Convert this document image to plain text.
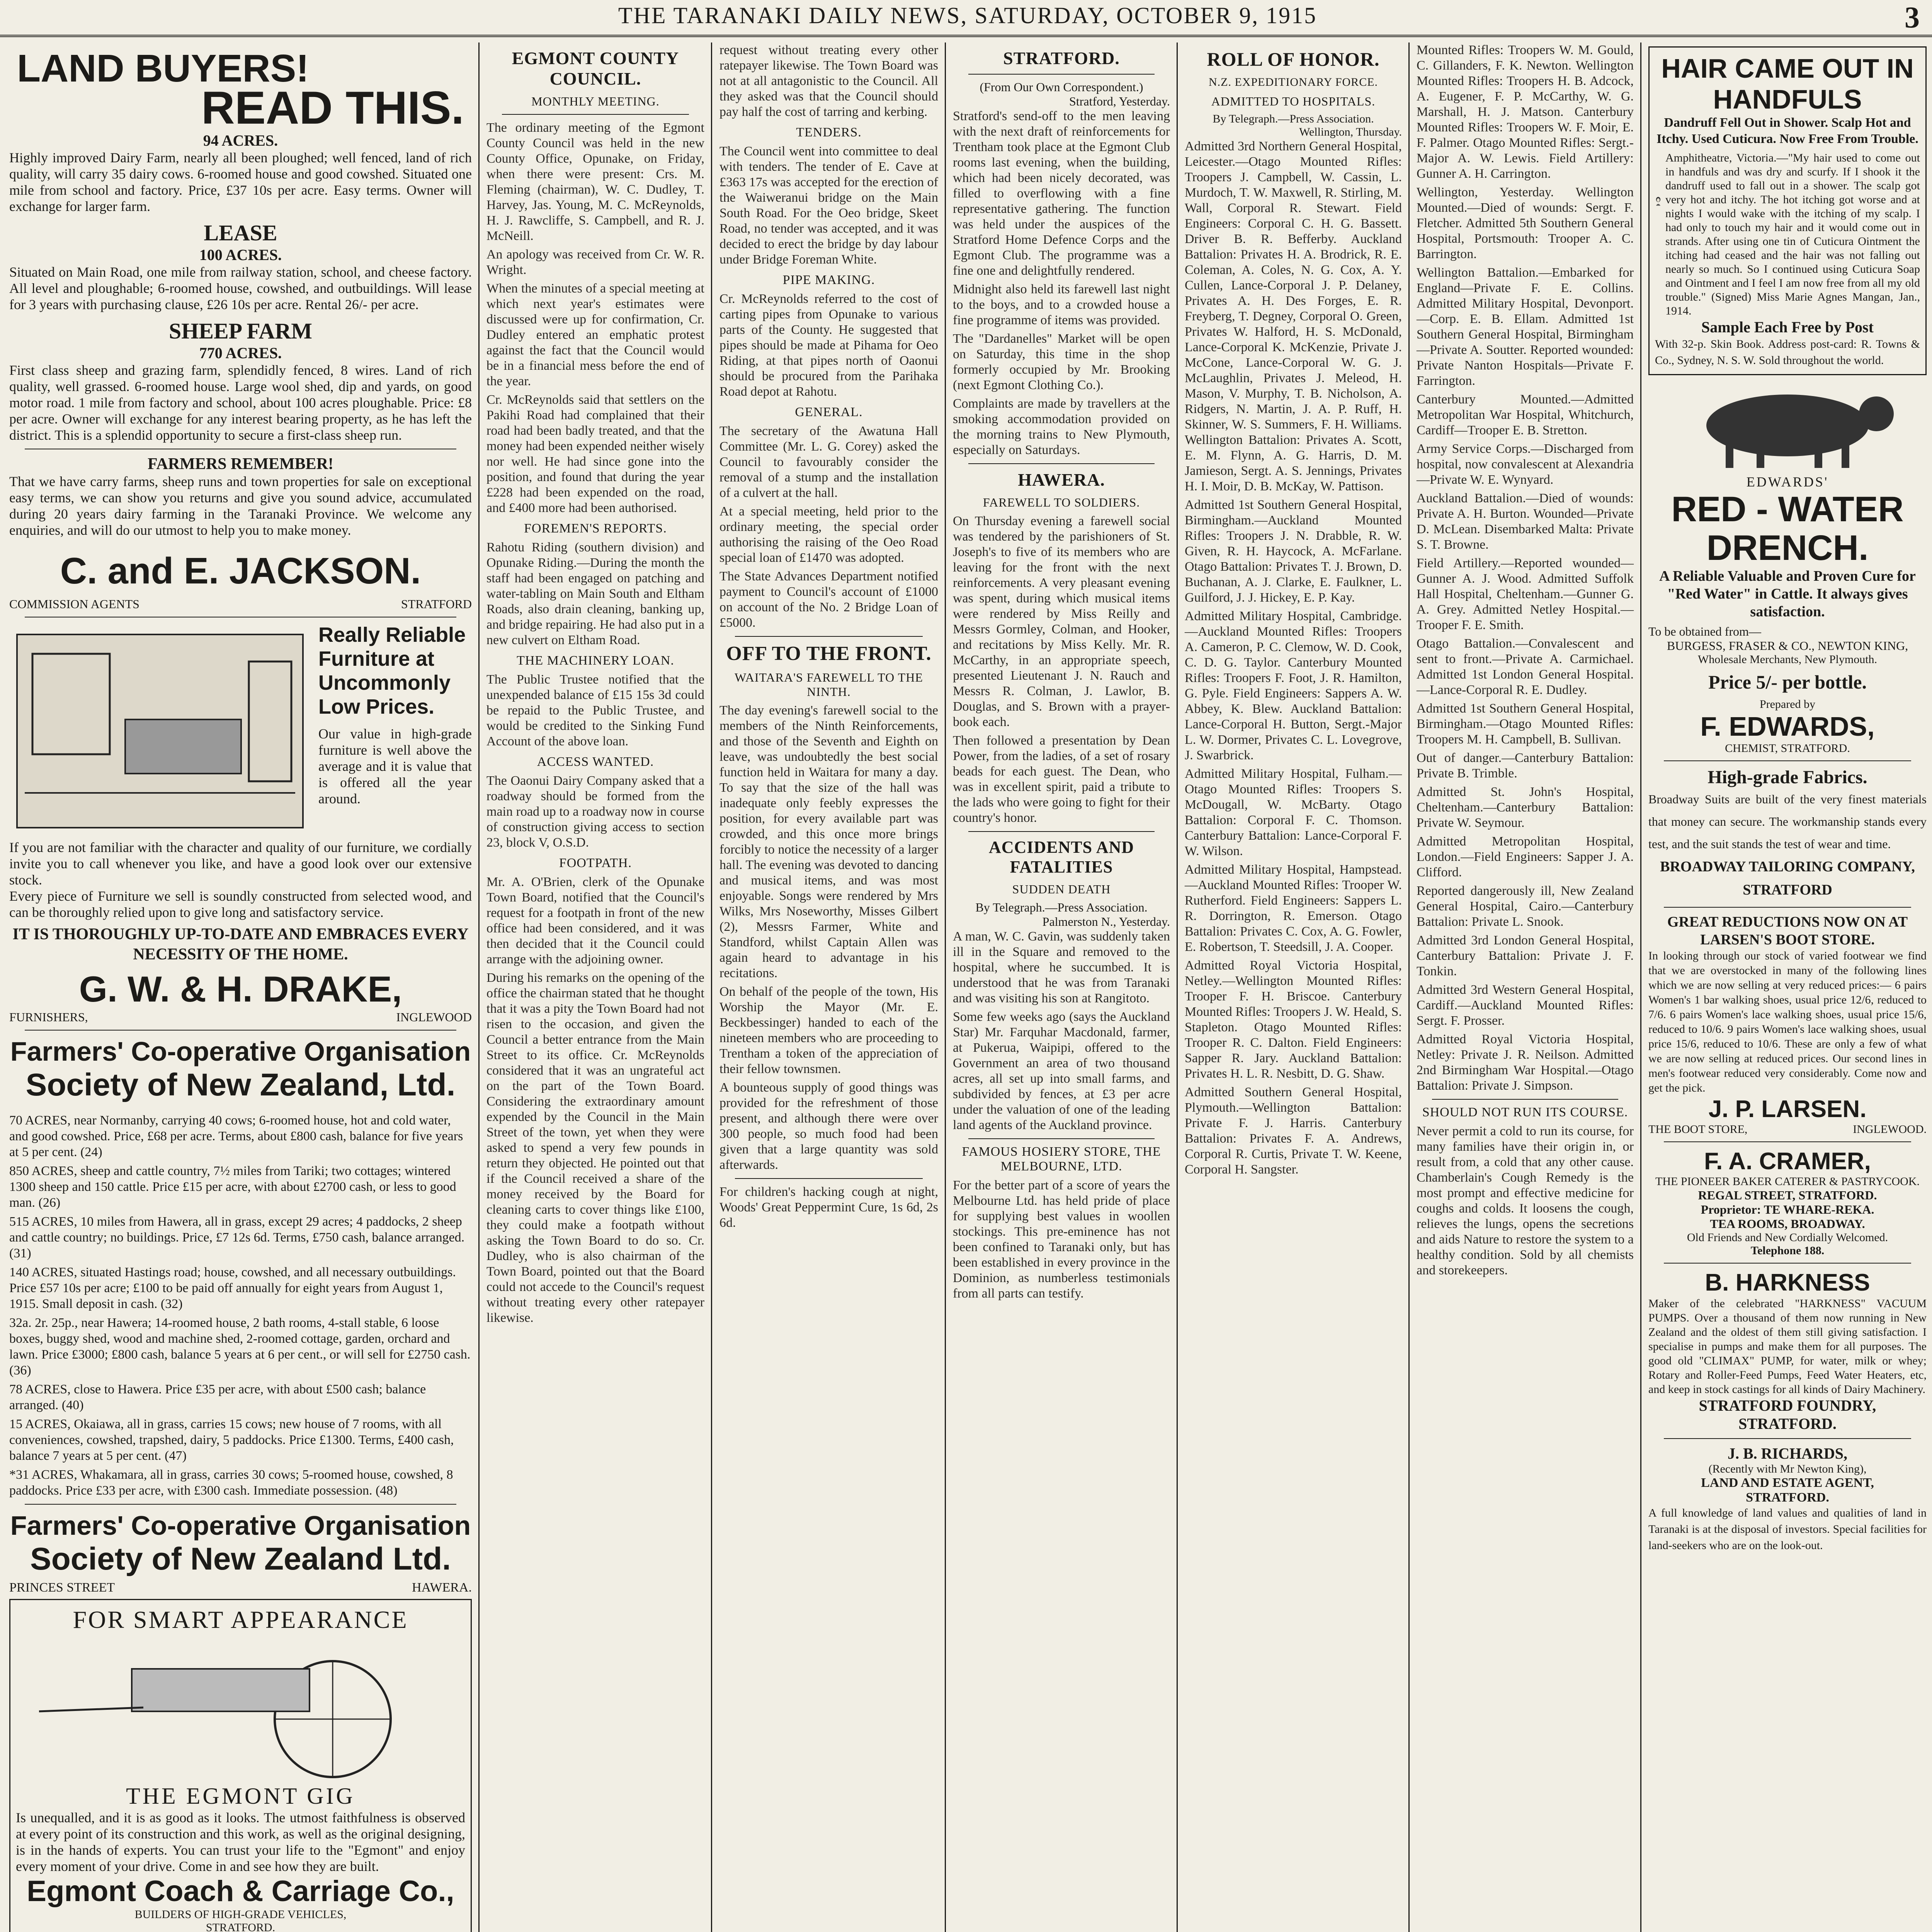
THE TARANAKI DAILY NEWS, SATURDAY, OCTOBER 9, 1915	3
LAND BUYERS!
READ THIS.
94 ACRES.
Highly improved Dairy Farm, nearly all been ploughed; well fenced, land of rich quality, will carry 35 dairy cows. 6-roomed house and good cowshed. Situated one mile from school and factory. Price, £37 10s per acre. Easy terms. Owner will exchange for larger farm.
LEASE
100 ACRES.
Situated on Main Road, one mile from railway station, school, and cheese factory. All level and ploughable; 6-roomed house, cowshed, and outbuildings. Will lease for 3 years with purchasing clause, £26 10s per acre. Rental 26/- per acre.
SHEEP FARM
770 ACRES.
First class sheep and grazing farm, splendidly fenced, 8 wires. Land of rich quality, well grassed. 6-roomed house. Large wool shed, dip and yards, on good motor road. 1 mile from factory and school, about 100 acres ploughable. Price: £8 per acre. Owner will exchange for any interest bearing property, as he has left the district. This is a splendid opportunity to secure a first-class sheep run.
FARMERS REMEMBER!
That we have carry farms, sheep runs and town properties for sale on exceptional easy terms, we can show you returns and give you sound advice, accumulated during 20 years dairy farming in the Taranaki Province. We welcome any enquiries, and will do our utmost to help you to make money.
C. and E. JACKSON.
COMMISSION AGENTS	STRATFORD
Really Reliable Furniture at Uncommonly Low Prices.
Our value in high-grade furniture is well above the average and it is value that is offered all the year around.
If you are not familiar with the character and quality of our furniture, we cordially invite you to call whenever you like, and have a good look over our extensive stock.
Every piece of Furniture we sell is soundly constructed from selected wood, and can be thoroughly relied upon to give long and satisfactory service.
IT IS THOROUGHLY UP-TO-DATE AND EMBRACES EVERY NECESSITY OF THE HOME.
G. W. & H. DRAKE,
FURNISHERS,	INGLEWOOD
Farmers' Co-operative Organisation
Society of New Zealand, Ltd.
70 ACRES, near Normanby, carrying 40 cows; 6-roomed house, hot and cold water, and good cowshed. Price, £68 per acre. Terms, about £800 cash, balance for five years at 5 per cent. (24)
850 ACRES, sheep and cattle country, 7½ miles from Tariki; two cottages; wintered 1300 sheep and 150 cattle. Price £15 per acre, with about £2700 cash, or less to good man. (26)
515 ACRES, 10 miles from Hawera, all in grass, except 29 acres; 4 paddocks, 2 sheep and cattle country; no buildings. Price, £7 12s 6d. Terms, £750 cash, balance arranged. (31)
140 ACRES, situated Hastings road; house, cowshed, and all necessary outbuildings. Price £57 10s per acre; £100 to be paid off annually for eight years from August 1, 1915. Small deposit in cash. (32)
32a. 2r. 25p., near Hawera; 14-roomed house, 2 bath rooms, 4-stall stable, 6 loose boxes, buggy shed, wood and machine shed, 2-roomed cottage, garden, orchard and lawn. Price £3000; £800 cash, balance 5 years at 6 per cent., or will sell for £2750 cash. (36)
78 ACRES, close to Hawera. Price £35 per acre, with about £500 cash; balance arranged. (40)
15 ACRES, Okaiawa, all in grass, carries 15 cows; new house of 7 rooms, with all conveniences, cowshed, trapshed, dairy, 5 paddocks. Price £1300. Terms, £400 cash, balance 7 years at 5 per cent. (47)
*31 ACRES, Whakamara, all in grass, carries 30 cows; 5-roomed house, cowshed, 8 paddocks. Price £33 per acre, with £300 cash. Immediate possession. (48)
Farmers' Co-operative Organisation
Society of New Zealand Ltd.
PRINCES STREET	HAWERA.
FOR SMART APPEARANCE
THE EGMONT GIG
Is unequalled, and it is as good as it looks. The utmost faithfulness is observed at every point of its construction and this work, as well as the original designing, is in the hands of experts. You can trust your life to the "Egmont" and enjoy every moment of your drive. Come in and see how they are built.
Egmont Coach & Carriage Co.,
BUILDERS OF HIGH-GRADE VEHICLES,
STRATFORD.
EGMONT COUNTY COUNCIL.
MONTHLY MEETING.

The ordinary meeting of the Egmont County Council was held in the new County Office, Opunake, on Friday, when there were present: Crs. M. Fleming (chairman), W. C. Dudley, T. Harvey, Jas. Young, M. C. McReynolds, H. J. Rawcliffe, S. Campbell, and R. J. McNeill.

An apology was received from Cr. W. R. Wright.

When the minutes of a special meeting at which next year's estimates were discussed were up for confirmation, Cr. Dudley entered an emphatic protest against the fact that the Council would be in a financial mess before the end of the year.

Cr. McReynolds said that settlers on the Pakihi Road had complained that their road had been badly treated, and that the money had been expended neither wisely nor well. He had since gone into the position, and found that during the year £228 had been expended on the road, and £400 more had been authorised.

FOREMEN'S REPORTS.

Rahotu Riding (southern division) and Opunake Riding.—During the month the staff had been engaged on patching and water-tabling on Main South and Eltham Roads, also drain cleaning, banking up, and bridge repairing. He had also put in a new culvert on Eltham Road.

THE MACHINERY LOAN.

The Public Trustee notified that the unexpended balance of £15 15s 3d could be repaid to the Public Trustee, and would be credited to the Sinking Fund Account of the above loan.

ACCESS WANTED.

The Oaonui Dairy Company asked that a roadway should be formed from the main road up to a roadway now in course of construction giving access to section 23, block V, O.S.D.

FOOTPATH.

Mr. A. O'Brien, clerk of the Opunake Town Board, notified that the Council's request for a footpath in front of the new office had been considered, and it was then decided that it the Council could arrange with the adjoining owner.

During his remarks on the opening of the office the chairman stated that he thought that it was a pity the Town Board had not risen to the occasion, and given the Council a better entrance from the Main Street to its office. Cr. McReynolds considered that it was an ungrateful act on the part of the Town Board. Considering the extraordinary amount expended by the Council in the Main Street of the town, yet when they were asked to spend a very few pounds in return they objected. He pointed out that if the Council received a share of the money received by the Board for cleaning carts to cover things like £100, they could make a footpath without asking the Town Board to do so. Cr. Dudley, who is also chairman of the Town Board, pointed out that the Board could not accede to the Council's request without treating every other ratepayer likewise.

request without treating every other ratepayer likewise. The Town Board was not at all antagonistic to the Council. All they asked was that the Council should pay half the cost of tarring and kerbing.

TENDERS.

The Council went into committee to deal with tenders. The tender of E. Cave at £363 17s was accepted for the erection of the Waiweranui bridge on the Main South Road. For the Oeo bridge, Skeet Road, no tender was accepted, and it was decided to erect the bridge by day labour under Bridge Foreman White.

PIPE MAKING.

Cr. McReynolds referred to the cost of carting pipes from Opunake to various parts of the County. He suggested that pipes should be made at Pihama for Oeo Riding, at that pipes north of Oaonui should be procured from the Parihaka Road depot at Rahotu.

GENERAL.

The secretary of the Awatuna Hall Committee (Mr. L. G. Corey) asked the Council to favourably consider the removal of a stump and the installation of a culvert at the hall.

At a special meeting, held prior to the ordinary meeting, the special order authorising the raising of the Oeo Road special loan of £1470 was adopted.

The State Advances Department notified payment to Council's account of £1000 on account of the No. 2 Bridge Loan of £5000.

OFF TO THE FRONT.
WAITARA'S FAREWELL TO THE NINTH.

The day evening's farewell social to the members of the Ninth Reinforcements, and those of the Seventh and Eighth on leave, was undoubtedly the best social function held in Waitara for many a day. To say that the size of the hall was inadequate only feebly expresses the position, for every available part was crowded, and this once more brings forcibly to notice the necessity of a larger hall. The evening was devoted to dancing and musical items, and was most enjoyable. Songs were rendered by Mrs Wilks, Mrs Noseworthy, Misses Gilbert (2), Messrs Farmer, White and Standford, whilst Captain Allen was again heard to advantage in his recitations.

On behalf of the people of the town, His Worship the Mayor (Mr. E. Beckbessinger) handed to each of the nineteen members who are proceeding to Trentham a token of the appreciation of their fellow townsmen.

A bounteous supply of good things was provided for the refreshment of those present, and although there were over 300 people, so much food had been given that a large quantity was sold afterwards.

For children's hacking cough at night, Woods' Great Peppermint Cure, 1s 6d, 2s 6d.

STRATFORD.
(From Our Own Correspondent.)
Stratford, Yesterday.

Stratford's send-off to the men leaving with the next draft of reinforcements for Trentham took place at the Egmont Club rooms last evening, when the building, which had been nicely decorated, was filled to overflowing with a fine representative gathering. The function was held under the auspices of the Stratford Home Defence Corps and the Egmont Club. The programme was a fine one and delightfully rendered.

Midnight also held its farewell last night to the boys, and to a crowded house a fine programme of items was provided.

The "Dardanelles" Market will be open on Saturday, this time in the shop formerly occupied by Mr. Brooking (next Egmont Clothing Co.).

Complaints are made by travellers at the smoking accommodation provided on the morning trains to New Plymouth, especially on Saturdays.

HAWERA.
FAREWELL TO SOLDIERS.

On Thursday evening a farewell social was tendered by the parishioners of St. Joseph's to five of its members who are leaving for the front with the next reinforcements. A very pleasant evening was spent, during which musical items were rendered by Miss Reilly and Messrs Gormley, Colman, and Hooker, and recitations by Miss Kelly. Mr. R. McCarthy, in an appropriate speech, presented Lieutenant J. N. Rauch and Messrs R. Colman, J. Lawlor, B. Douglas, and S. Brown with a prayer-book each.

Then followed a presentation by Dean Power, from the ladies, of a set of rosary beads for each guest. The Dean, who was in excellent spirit, paid a tribute to the lads who were going to fight for their country's honor.

ACCIDENTS AND FATALITIES
SUDDEN DEATH
By Telegraph.—Press Association.
Palmerston N., Yesterday.

A man, W. C. Gavin, was suddenly taken ill in the Square and removed to the hospital, where he succumbed. It is understood that he was from Taranaki and was visiting his son at Rangitoto.

Some few weeks ago (says the Auckland Star) Mr. Farquhar Macdonald, farmer, at Pukerua, Waipipi, offered to the Government an area of two thousand acres, all set up into small farms, and subdivided by fences, at £3 per acre under the valuation of one of the leading land agents of the Auckland province.

FAMOUS HOSIERY STORE, THE MELBOURNE, LTD.

For the better part of a score of years the Melbourne Ltd. has held pride of place for supplying best values in woollen stockings. This pre-eminence has not been confined to Taranaki only, but has been established in every province in the Dominion, as numberless testimonials from all parts can testify.

ROLL OF HONOR.
N.Z. EXPEDITIONARY FORCE.
ADMITTED TO HOSPITALS.
By Telegraph.—Press Association.
Wellington, Thursday.

Admitted 3rd Northern General Hospital, Leicester.—Otago Mounted Rifles: Troopers J. Campbell, W. Cassin, L. Murdoch, T. W. Maxwell, R. Stirling, M. Wall, Corporal R. Stewart. Field Engineers: Corporal C. H. G. Bassett. Driver B. R. Befferby. Auckland Battalion: Privates H. A. Brodrick, R. E. Coleman, A. Coles, N. G. Cox, A. Y. Cullen, Lance-Corporal J. P. Delaney, Privates A. H. Des Forges, E. R. Freyberg, T. Degney, Corporal O. Green, Privates W. Halford, H. S. McDonald, Lance-Corporal K. McKenzie, Private J. McCone, Lance-Corporal W. G. J. McLaughlin, Privates J. Meleod, H. Mason, V. Murphy, T. B. Nicholson, A. Ridgers, N. Martin, J. A. P. Ruff, H. Skinner, W. S. Summers, F. H. Williams. Wellington Battalion: Privates A. Scott, E. M. Flynn, A. G. Harris, D. M. Jamieson, Sergt. A. S. Jennings, Privates H. I. Moir, D. B. McKay, W. Pattison.

Admitted 1st Southern General Hospital, Birmingham.—Auckland Mounted Rifles: Troopers J. N. Drabble, R. W. Given, R. H. Haycock, A. McFarlane. Otago Battalion: Privates T. J. Brown, D. Buchanan, A. J. Clarke, E. Faulkner, L. Guilford, J. J. Hickey, E. P. Kay.

Admitted Military Hospital, Cambridge.—Auckland Mounted Rifles: Troopers A. Cameron, P. C. Clemow, W. D. Cook, C. D. G. Taylor. Canterbury Mounted Rifles: Troopers F. Foot, J. R. Hamilton, G. Pyle. Field Engineers: Sappers A. W. Abbey, K. Blew. Auckland Battalion: Lance-Corporal H. Button, Sergt.-Major L. W. Dormer, Privates C. L. Lovegrove, J. Swarbrick.

Admitted Military Hospital, Fulham.—Otago Mounted Rifles: Troopers S. McDougall, W. McBarty. Otago Battalion: Corporal F. C. Thomson. Canterbury Battalion: Lance-Corporal F. W. Wilson.

Admitted Military Hospital, Hampstead.—Auckland Mounted Rifles: Trooper W. Rutherford. Field Engineers: Sappers L. R. Dorrington, R. Emerson. Otago Battalion: Privates C. Cox, A. G. Fowler, E. Robertson, T. Steedsill, J. A. Cooper.

Admitted Royal Victoria Hospital, Netley.—Wellington Mounted Rifles: Trooper F. H. Briscoe. Canterbury Mounted Rifles: Troopers J. W. Heald, S. Stapleton. Otago Mounted Rifles: Trooper R. C. Dalton. Field Engineers: Sapper R. Jary. Auckland Battalion: Privates H. L. R. Nesbitt, D. G. Shaw.

Admitted Southern General Hospital, Plymouth.—Wellington Battalion: Private F. J. Harris. Canterbury Battalion: Privates F. A. Andrews, Corporal R. Curtis, Private T. W. Keene, Corporal H. Sangster.

Mounted Rifles: Troopers W. M. Gould, C. Gillanders, F. K. Newton. Wellington Mounted Rifles: Troopers H. B. Adcock, A. Eugener, F. P. McCarthy, W. G. Marshall, H. J. Matson. Canterbury Mounted Rifles: Troopers W. F. Moir, E. F. Palmer. Otago Mounted Rifles: Sergt.-Major A. W. Lewis. Field Artillery: Gunner A. H. Carrington.

Wellington, Yesterday. Wellington Mounted.—Died of wounds: Sergt. F. Fletcher. Admitted 5th Southern General Hospital, Portsmouth: Trooper A. C. Barrington.

Wellington Battalion.—Embarked for England—Private F. E. Collins. Admitted Military Hospital, Devonport.—Corp. E. B. Ellam. Admitted 1st Southern General Hospital, Birmingham—Private A. Soutter. Reported wounded: Private Nanton Hospitals—Private F. Farrington.

Canterbury Mounted.—Admitted Metropolitan War Hospital, Whitchurch, Cardiff—Trooper E. B. Stretton.

Army Service Corps.—Discharged from hospital, now convalescent at Alexandria—Private W. E. Wynyard.

Auckland Battalion.—Died of wounds: Private A. H. Burton. Wounded—Private D. McLean. Disembarked Malta: Private S. T. Browne.

Field Artillery.—Reported wounded—Gunner A. J. Wood. Admitted Suffolk Hall Hospital, Cheltenham.—Gunner G. A. Grey. Admitted Netley Hospital.—Trooper F. E. Smith.

Otago Battalion.—Convalescent and sent to front.—Private A. Carmichael. Admitted 1st London General Hospital.—Lance-Corporal R. E. Dudley.

Admitted 1st Southern General Hospital, Birmingham.—Otago Mounted Rifles: Troopers M. H. Campbell, B. Sullivan.

Out of danger.—Canterbury Battalion: Private B. Trimble.

Admitted St. John's Hospital, Cheltenham.—Canterbury Battalion: Private W. Seymour.

Admitted Metropolitan Hospital, London.—Field Engineers: Sapper J. A. Clifford.

Reported dangerously ill, New Zealand General Hospital, Cairo.—Canterbury Battalion: Private L. Snook.

Admitted 3rd London General Hospital, Canterbury Battalion: Private J. F. Tonkin.

Admitted 3rd Western General Hospital, Cardiff.—Auckland Mounted Rifles: Sergt. F. Prosser.

Admitted Royal Victoria Hospital, Netley: Private J. R. Neilson. Admitted 2nd Birmingham War Hospital.—Otago Battalion: Private J. Simpson.

SHOULD NOT RUN ITS COURSE.

Never permit a cold to run its course, for many families have their origin in, or result from, a cold that any other cause. Chamberlain's Cough Remedy is the most prompt and effective medicine for coughs and colds. It loosens the cough, relieves the lungs, opens the secretions and aids Nature to restore the system to a healthy condition. Sold by all chemists and storekeepers.

HAIR CAME OUT IN HANDFULS
Dandruff Fell Out in Shower. Scalp Hot and Itchy. Used Cuticura. Now Free From Trouble.
Amphitheatre, Victoria.—"My hair used to come out in handfuls and was dry and scurfy. If I shook it the dandruff used to fall out in a shower. The scalp got very hot and itchy. The hot itching got worse and at nights I would wake with the itching of my scalp. I had only to touch my hair and it would come out in strands. After using one tin of Cuticura Ointment the itching had ceased and the hair was not falling out nearly so much. So I continued using Cuticura Soap and Ointment and I feel I am now free from all my old trouble." (Signed) Miss Marie Agnes Mangan, Jan., 1914.
Sample Each Free by Post
With 32-p. Skin Book. Address post-card: R. Towns & Co., Sydney, N. S. W. Sold throughout the world.
EDWARDS'
RED - WATER DRENCH.
A Reliable Valuable and Proven Cure for "Red Water" in Cattle. It always gives satisfaction.
To be obtained from—
BURGESS, FRASER & CO., NEWTON KING,
Wholesale Merchants, New Plymouth.
Price 5/- per bottle.
Prepared by
F. EDWARDS,
CHEMIST, STRATFORD.
High-grade Fabrics.
Broadway Suits are built of the very finest materials that money can secure. The workmanship stands every test, and the suit stands the test of wear and time.
BROADWAY TAILORING COMPANY, STRATFORD
GREAT REDUCTIONS NOW ON AT LARSEN'S BOOT STORE.
In looking through our stock of varied footwear we find that we are overstocked in many of the following lines which we are now selling at very reduced prices:— 6 pairs Women's 1 bar walking shoes, usual price 12/6, reduced to 7/6. 6 pairs Women's lace walking shoes, usual price 15/6, reduced to 10/6. 9 pairs Women's lace walking shoes, usual price 15/6, reduced to 10/6. These are only a few of what we are now selling at reduced prices. Our second lines in men's footwear reduced very considerably. Come now and get the pick.
J. P. LARSEN.
THE BOOT STORE,	INGLEWOOD.
F. A. CRAMER,
THE PIONEER BAKER CATERER & PASTRYCOOK.
REGAL STREET, STRATFORD.
Proprietor: TE WHARE-REKA.
TEA ROOMS, BROADWAY.
Old Friends and New Cordially Welcomed.
Telephone 188.
B. HARKNESS
Maker of the celebrated "HARKNESS" VACUUM PUMPS. Over a thousand of them now running in New Zealand and the oldest of them still giving satisfaction. I specialise in pumps and make them for all purposes. The good old "CLIMAX" PUMP, for water, milk or whey; Rotary and Roller-Feed Pumps, Feed Water Heaters, etc, and keep in stock castings for all kinds of Dairy Machinery.
STRATFORD FOUNDRY, STRATFORD.
J. B. RICHARDS,
(Recently with Mr Newton King),
LAND AND ESTATE AGENT,
STRATFORD.
A full knowledge of land values and qualities of land in Taranaki is at the disposal of investors. Special facilities for land-seekers who are on the look-out.
